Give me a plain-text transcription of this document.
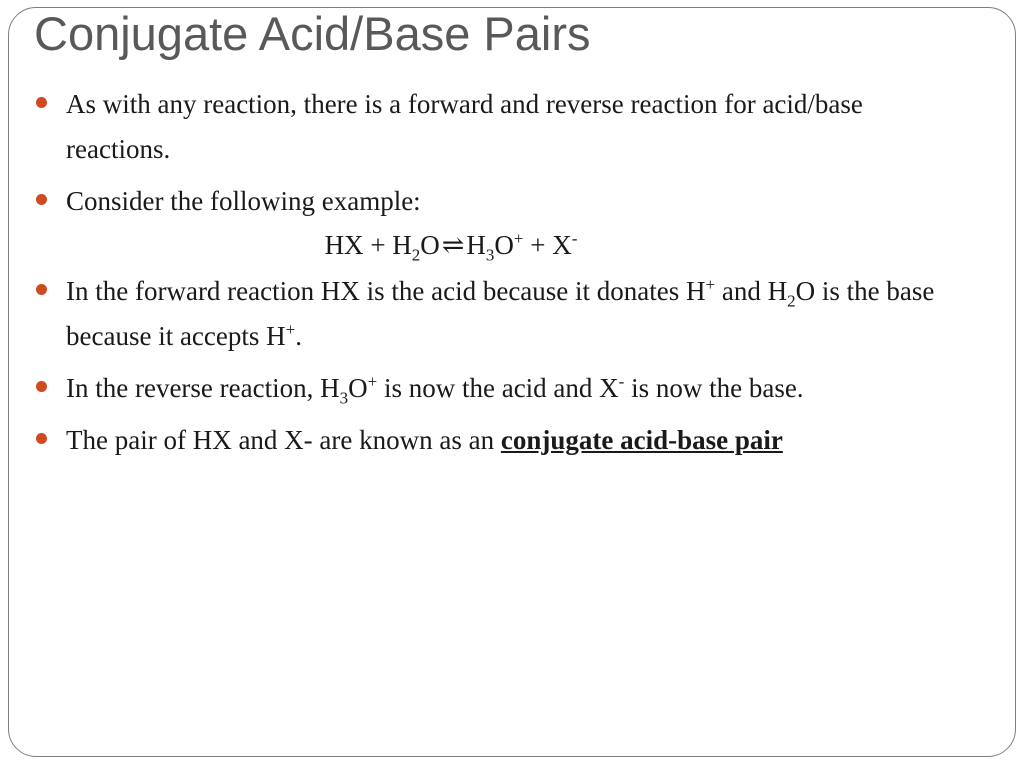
Conjugate Acid/Base Pairs
As with any reaction, there is a forward and reverse reaction for acid/base reactions.
Consider the following example:
HX + $H_2O\rightleftharpoons H_3O^+ + X^-$
In the forward reaction HX is the acid because it donates H+ and $H_2O$ is the base because it accepts H+.
In the reverse reaction, $H_3O^+$ is now the acid and X- is now the base.
The pair of HX and X- are known as an conjugate acid-base pair
